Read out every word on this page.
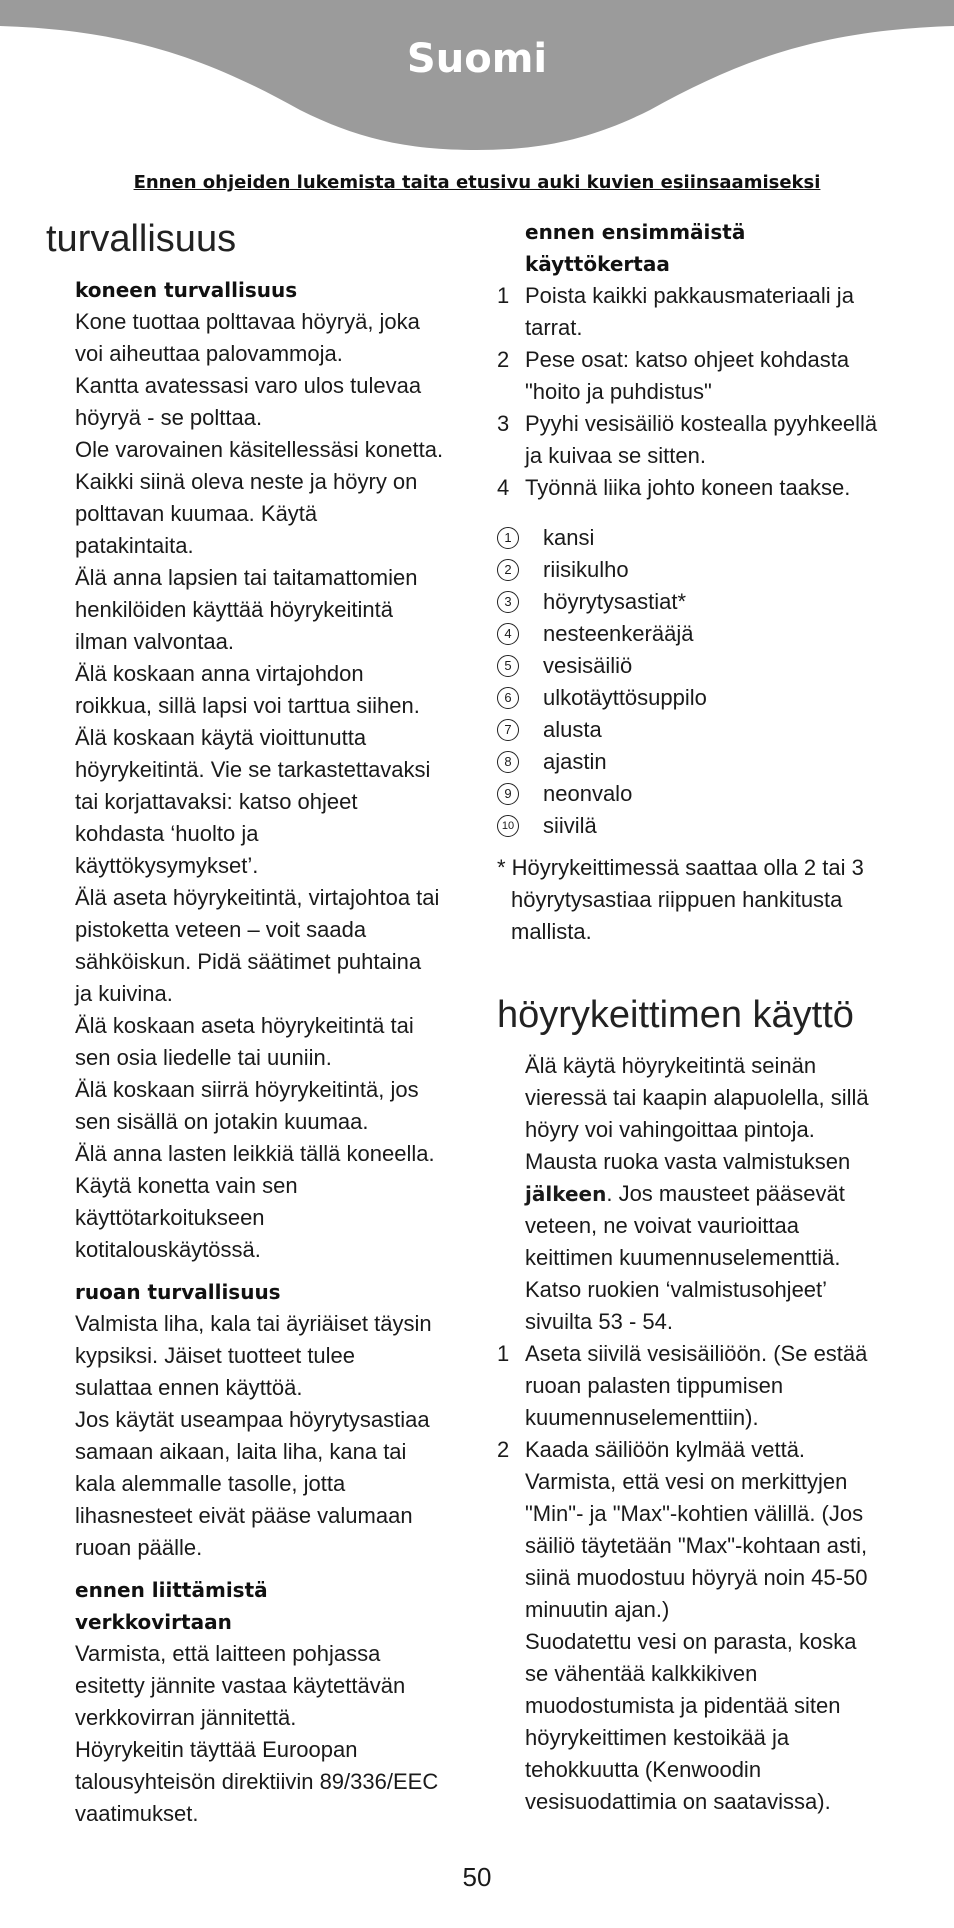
Suomi
Ennen ohjeiden lukemista taita etusivu auki kuvien esiinsaamiseksi
turvallisuus
koneen turvallisuus
Kone tuottaa polttavaa höyryä, joka
voi aiheuttaa palovammoja.
Kantta avatessasi varo ulos tulevaa
höyryä - se polttaa.
Ole varovainen käsitellessäsi konetta.
Kaikki siinä oleva neste ja höyry on
polttavan kuumaa. Käytä
patakintaita.
Älä anna lapsien tai taitamattomien
henkilöiden käyttää höyrykeitintä
ilman valvontaa.
Älä koskaan anna virtajohdon
roikkua, sillä lapsi voi tarttua siihen.
Älä koskaan käytä vioittunutta
höyrykeitintä. Vie se tarkastettavaksi
tai korjattavaksi: katso ohjeet
kohdasta ‘huolto ja
käyttökysymykset’.
Älä aseta höyrykeitintä, virtajohtoa tai
pistoketta veteen – voit saada
sähköiskun. Pidä säätimet puhtaina
ja kuivina.
Älä koskaan aseta höyrykeitintä tai
sen osia liedelle tai uuniin.
Älä koskaan siirrä höyrykeitintä, jos
sen sisällä on jotakin kuumaa.
Älä anna lasten leikkiä tällä koneella.
Käytä konetta vain sen
käyttötarkoitukseen
kotitalouskäytössä.
ruoan turvallisuus
Valmista liha, kala tai äyriäiset täysin
kypsiksi. Jäiset tuotteet tulee
sulattaa ennen käyttöä.
Jos käytät useampaa höyrytysastiaa
samaan aikaan, laita liha, kana tai
kala alemmalle tasolle, jotta
lihasnesteet eivät pääse valumaan
ruoan päälle.
ennen liittämistä
verkkovirtaan
Varmista, että laitteen pohjassa
esitetty jännite vastaa käytettävän
verkkovirran jännitettä.
Höyrykeitin täyttää Euroopan
talousyhteisön direktiivin 89/336/EEC
vaatimukset.
ennen ensimmäistä
käyttökertaa
1 Poista kaikki pakkausmateriaali ja
tarrat.
2 Pese osat: katso ohjeet kohdasta
"hoito ja puhdistus"
3 Pyyhi vesisäiliö kostealla pyyhkeellä
ja kuivaa se sitten.
4 Työnnä liika johto koneen taakse.
1	kansi
2	riisikulho
3	höyrytysastiat*
4	nesteenkerääjä
5	vesisäiliö
6	ulkotäyttösuppilo
7	alusta
8	ajastin
9	neonvalo
10 siivilä

* Höyrykeittimessä saattaa olla 2 tai 3
höyrytysastiaa riippuen hankitusta
mallista.

höyrykeittimen käyttö
Älä käytä höyrykeitintä seinän
vieressä tai kaapin alapuolella, sillä
höyry voi vahingoittaa pintoja.
Mausta ruoka vasta valmistuksen
jälkeen. Jos mausteet pääsevät
veteen, ne voivat vaurioittaa
keittimen kuumennuselementtiä.
Katso ruokien ‘valmistusohjeet’
sivuilta 53 - 54.
1 Aseta siivilä vesisäiliöön. (Se estää
ruoan palasten tippumisen
kuumennuselementtiin).
2 Kaada säiliöön kylmää vettä.
Varmista, että vesi on merkittyjen
"Min"- ja "Max"-kohtien välillä. (Jos
säiliö täytetään "Max"-kohtaan asti,
siinä muodostuu höyryä noin 45-50
minuutin ajan.)
Suodatettu vesi on parasta, koska
se vähentää kalkkikiven
muodostumista ja pidentää siten
höyrykeittimen kestoikää ja
tehokkuutta (Kenwoodin
vesisuodattimia on saatavissa).
50
